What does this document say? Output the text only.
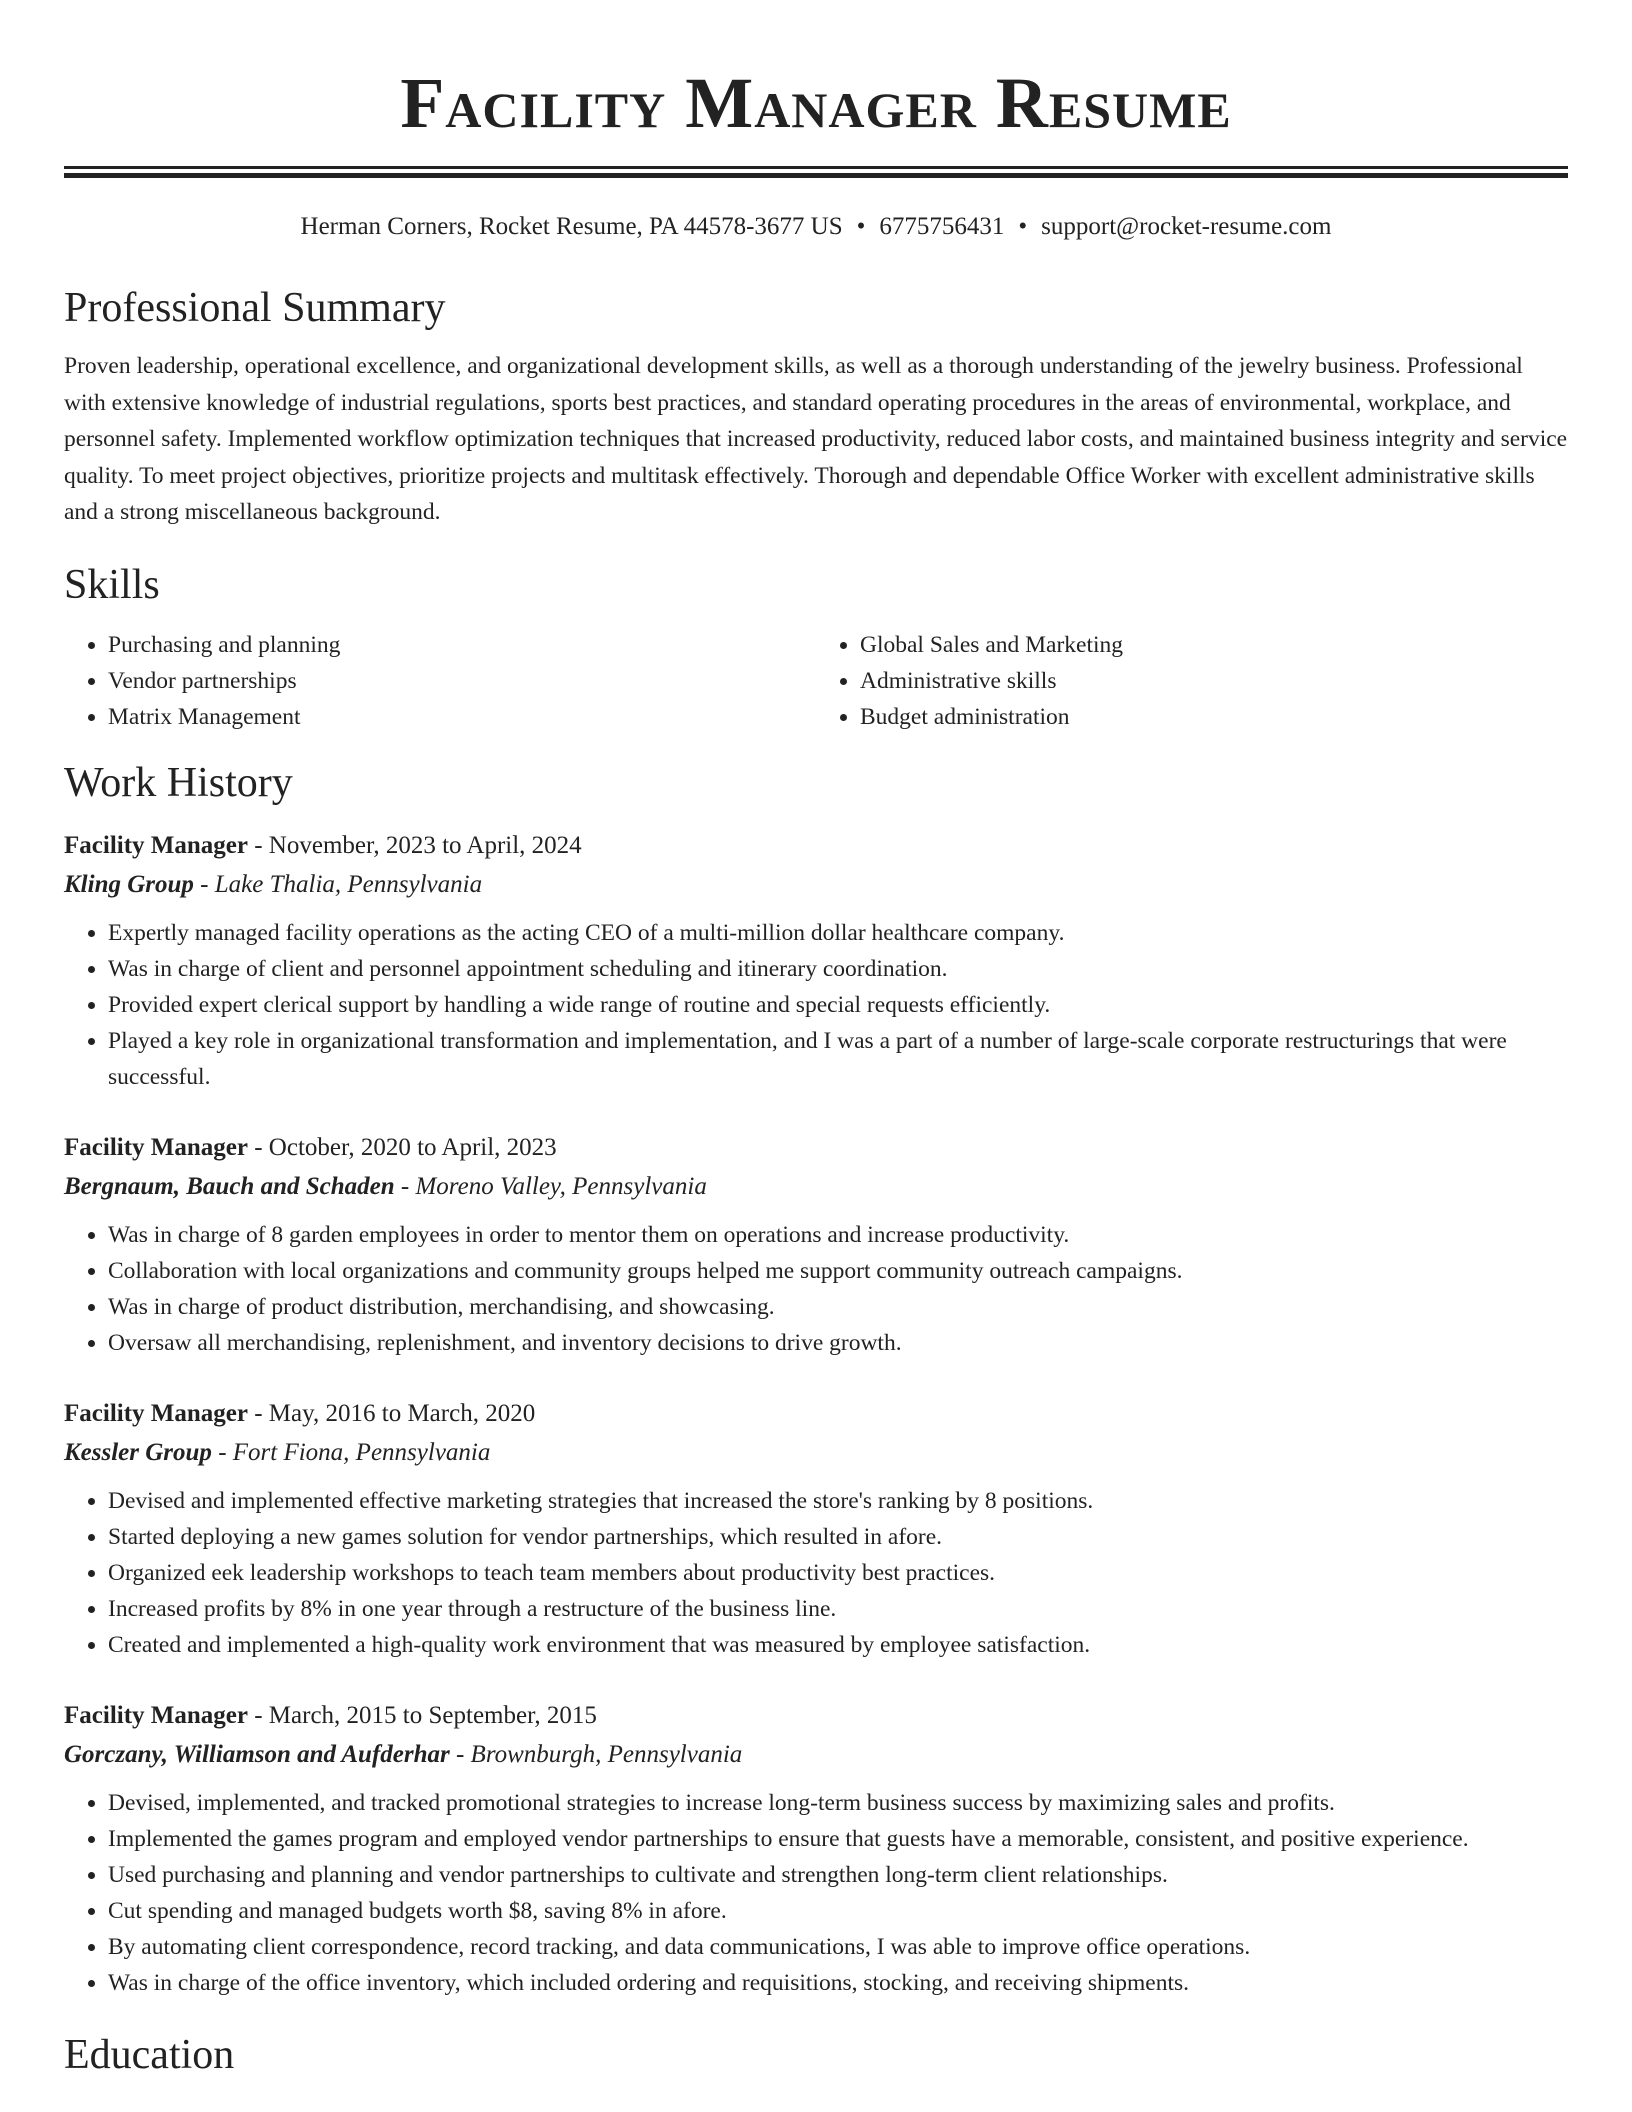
Facility Manager Resume
Herman Corners, Rocket Resume, PA 44578-3677 US • 6775756431 • support@rocket-resume.com
Professional Summary
Proven leadership, operational excellence, and organizational development skills, as well as a thorough understanding of the jewelry business. Professional with extensive knowledge of industrial regulations, sports best practices, and standard operating procedures in the areas of environmental, workplace, and personnel safety. Implemented workflow optimization techniques that increased productivity, reduced labor costs, and maintained business integrity and service quality. To meet project objectives, prioritize projects and multitask effectively. Thorough and dependable Office Worker with excellent administrative skills and a strong miscellaneous background.
Skills
• Purchasing and planning
• Vendor partnerships
• Matrix Management
• Global Sales and Marketing
• Administrative skills
• Budget administration
Work History
Facility Manager - November, 2023 to April, 2024
Kling Group - Lake Thalia, Pennsylvania
• Expertly managed facility operations as the acting CEO of a multi-million dollar healthcare company.
• Was in charge of client and personnel appointment scheduling and itinerary coordination.
• Provided expert clerical support by handling a wide range of routine and special requests efficiently.
• Played a key role in organizational transformation and implementation, and I was a part of a number of large-scale corporate restructurings that were successful.
Facility Manager - October, 2020 to April, 2023
Bergnaum, Bauch and Schaden - Moreno Valley, Pennsylvania
• Was in charge of 8 garden employees in order to mentor them on operations and increase productivity.
• Collaboration with local organizations and community groups helped me support community outreach campaigns.
• Was in charge of product distribution, merchandising, and showcasing.
• Oversaw all merchandising, replenishment, and inventory decisions to drive growth.
Facility Manager - May, 2016 to March, 2020
Kessler Group - Fort Fiona, Pennsylvania
• Devised and implemented effective marketing strategies that increased the store's ranking by 8 positions.
• Started deploying a new games solution for vendor partnerships, which resulted in afore.
• Organized eek leadership workshops to teach team members about productivity best practices.
• Increased profits by 8% in one year through a restructure of the business line.
• Created and implemented a high-quality work environment that was measured by employee satisfaction.
Facility Manager - March, 2015 to September, 2015
Gorczany, Williamson and Aufderhar - Brownburgh, Pennsylvania
• Devised, implemented, and tracked promotional strategies to increase long-term business success by maximizing sales and profits.
• Implemented the games program and employed vendor partnerships to ensure that guests have a memorable, consistent, and positive experience.
• Used purchasing and planning and vendor partnerships to cultivate and strengthen long-term client relationships.
• Cut spending and managed budgets worth $8, saving 8% in afore.
• By automating client correspondence, record tracking, and data communications, I was able to improve office operations.
• Was in charge of the office inventory, which included ordering and requisitions, stocking, and receiving shipments.
Education
